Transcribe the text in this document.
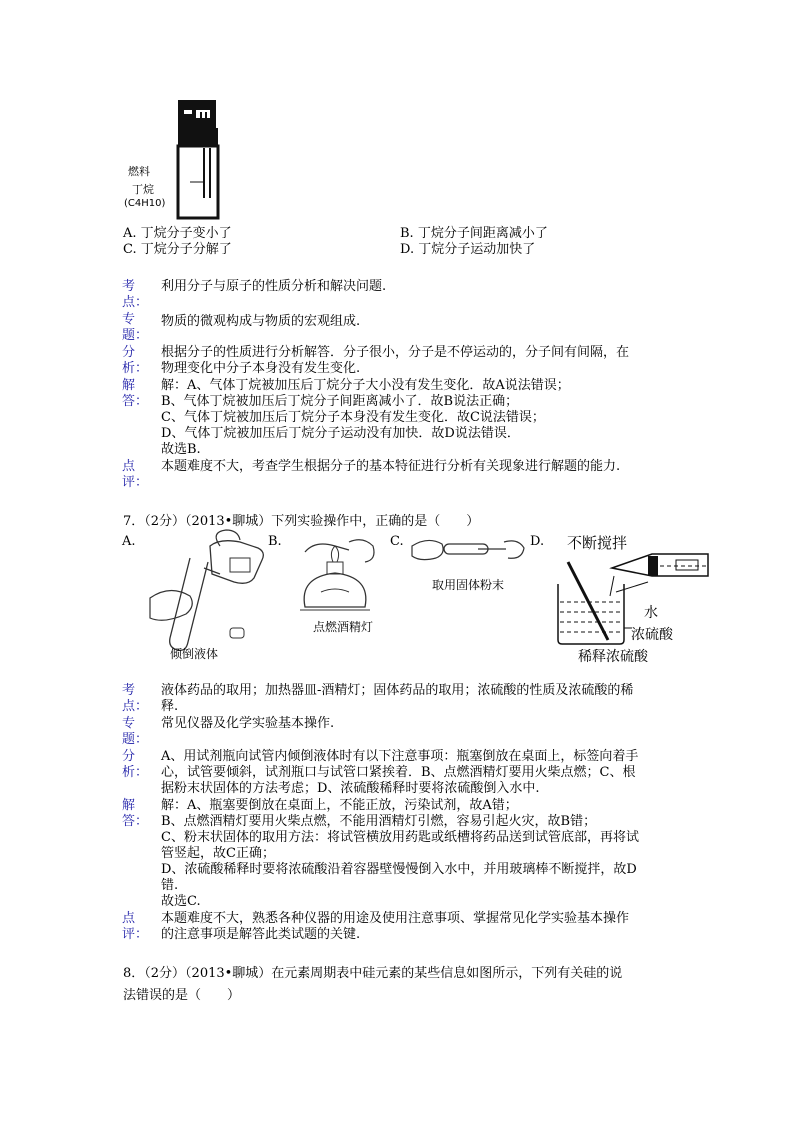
燃料
丁烷
(C4H10)
A. 丁烷分子变小了	B. 丁烷分子间距离减小了
C. 丁烷分子分解了	D. 丁烷分子运动加快了
考
点：
利用分子与原子的性质分析和解决问题.
专
题：
物质的微观构成与物质的宏观组成.
分
析：
根据分子的性质进行分析解答．分子很小，分子是不停运动的，分子间有间隔，在
物理变化中分子本身没有发生变化.
解
答：
解：A、气体丁烷被加压后丁烷分子大小没有发生变化．故A说法错误；
B、气体丁烷被加压后丁烷分子间距离减小了．故B说法正确；
C、气体丁烷被加压后丁烷分子本身没有发生变化．故C说法错误；
D、气体丁烷被加压后丁烷分子运动没有加快．故D说法错误．
故选B.
点
评：
本题难度不大，考查学生根据分子的基本特征进行分析有关现象进行解题的能力.
7．（2分）（2013•聊城）下列实验操作中，正确的是（　　）
A.	B.	C.	D.
倾倒液体
点燃酒精灯
取用固体粉末
不断搅拌
水
浓硫酸
稀释浓硫酸
考
点：
液体药品的取用；加热器皿-酒精灯；固体药品的取用；浓硫酸的性质及浓硫酸的稀
释.
专
题：
常见仪器及化学实验基本操作.
分
析：
A、用试剂瓶向试管内倾倒液体时有以下注意事项：瓶塞倒放在桌面上，标签向着手
心，试管要倾斜，试剂瓶口与试管口紧挨着．B、点燃酒精灯要用火柴点燃；C、根
据粉末状固体的方法考虑；D、浓硫酸稀释时要将浓硫酸倒入水中.
解
答：
解：A、瓶塞要倒放在桌面上，不能正放，污染试剂，故A错；
B、点燃酒精灯要用火柴点燃，不能用酒精灯引燃，容易引起火灾，故B错；
C、粉末状固体的取用方法：将试管横放用药匙或纸槽将药品送到试管底部，再将试
管竖起，故C正确；
D、浓硫酸稀释时要将浓硫酸沿着容器壁慢慢倒入水中，并用玻璃棒不断搅拌，故D
错.
故选C.
点
评：
本题难度不大，熟悉各种仪器的用途及使用注意事项、掌握常见化学实验基本操作
的注意事项是解答此类试题的关键.
8．（2分）（2013•聊城）在元素周期表中硅元素的某些信息如图所示，下列有关硅的说
法错误的是（　　）
